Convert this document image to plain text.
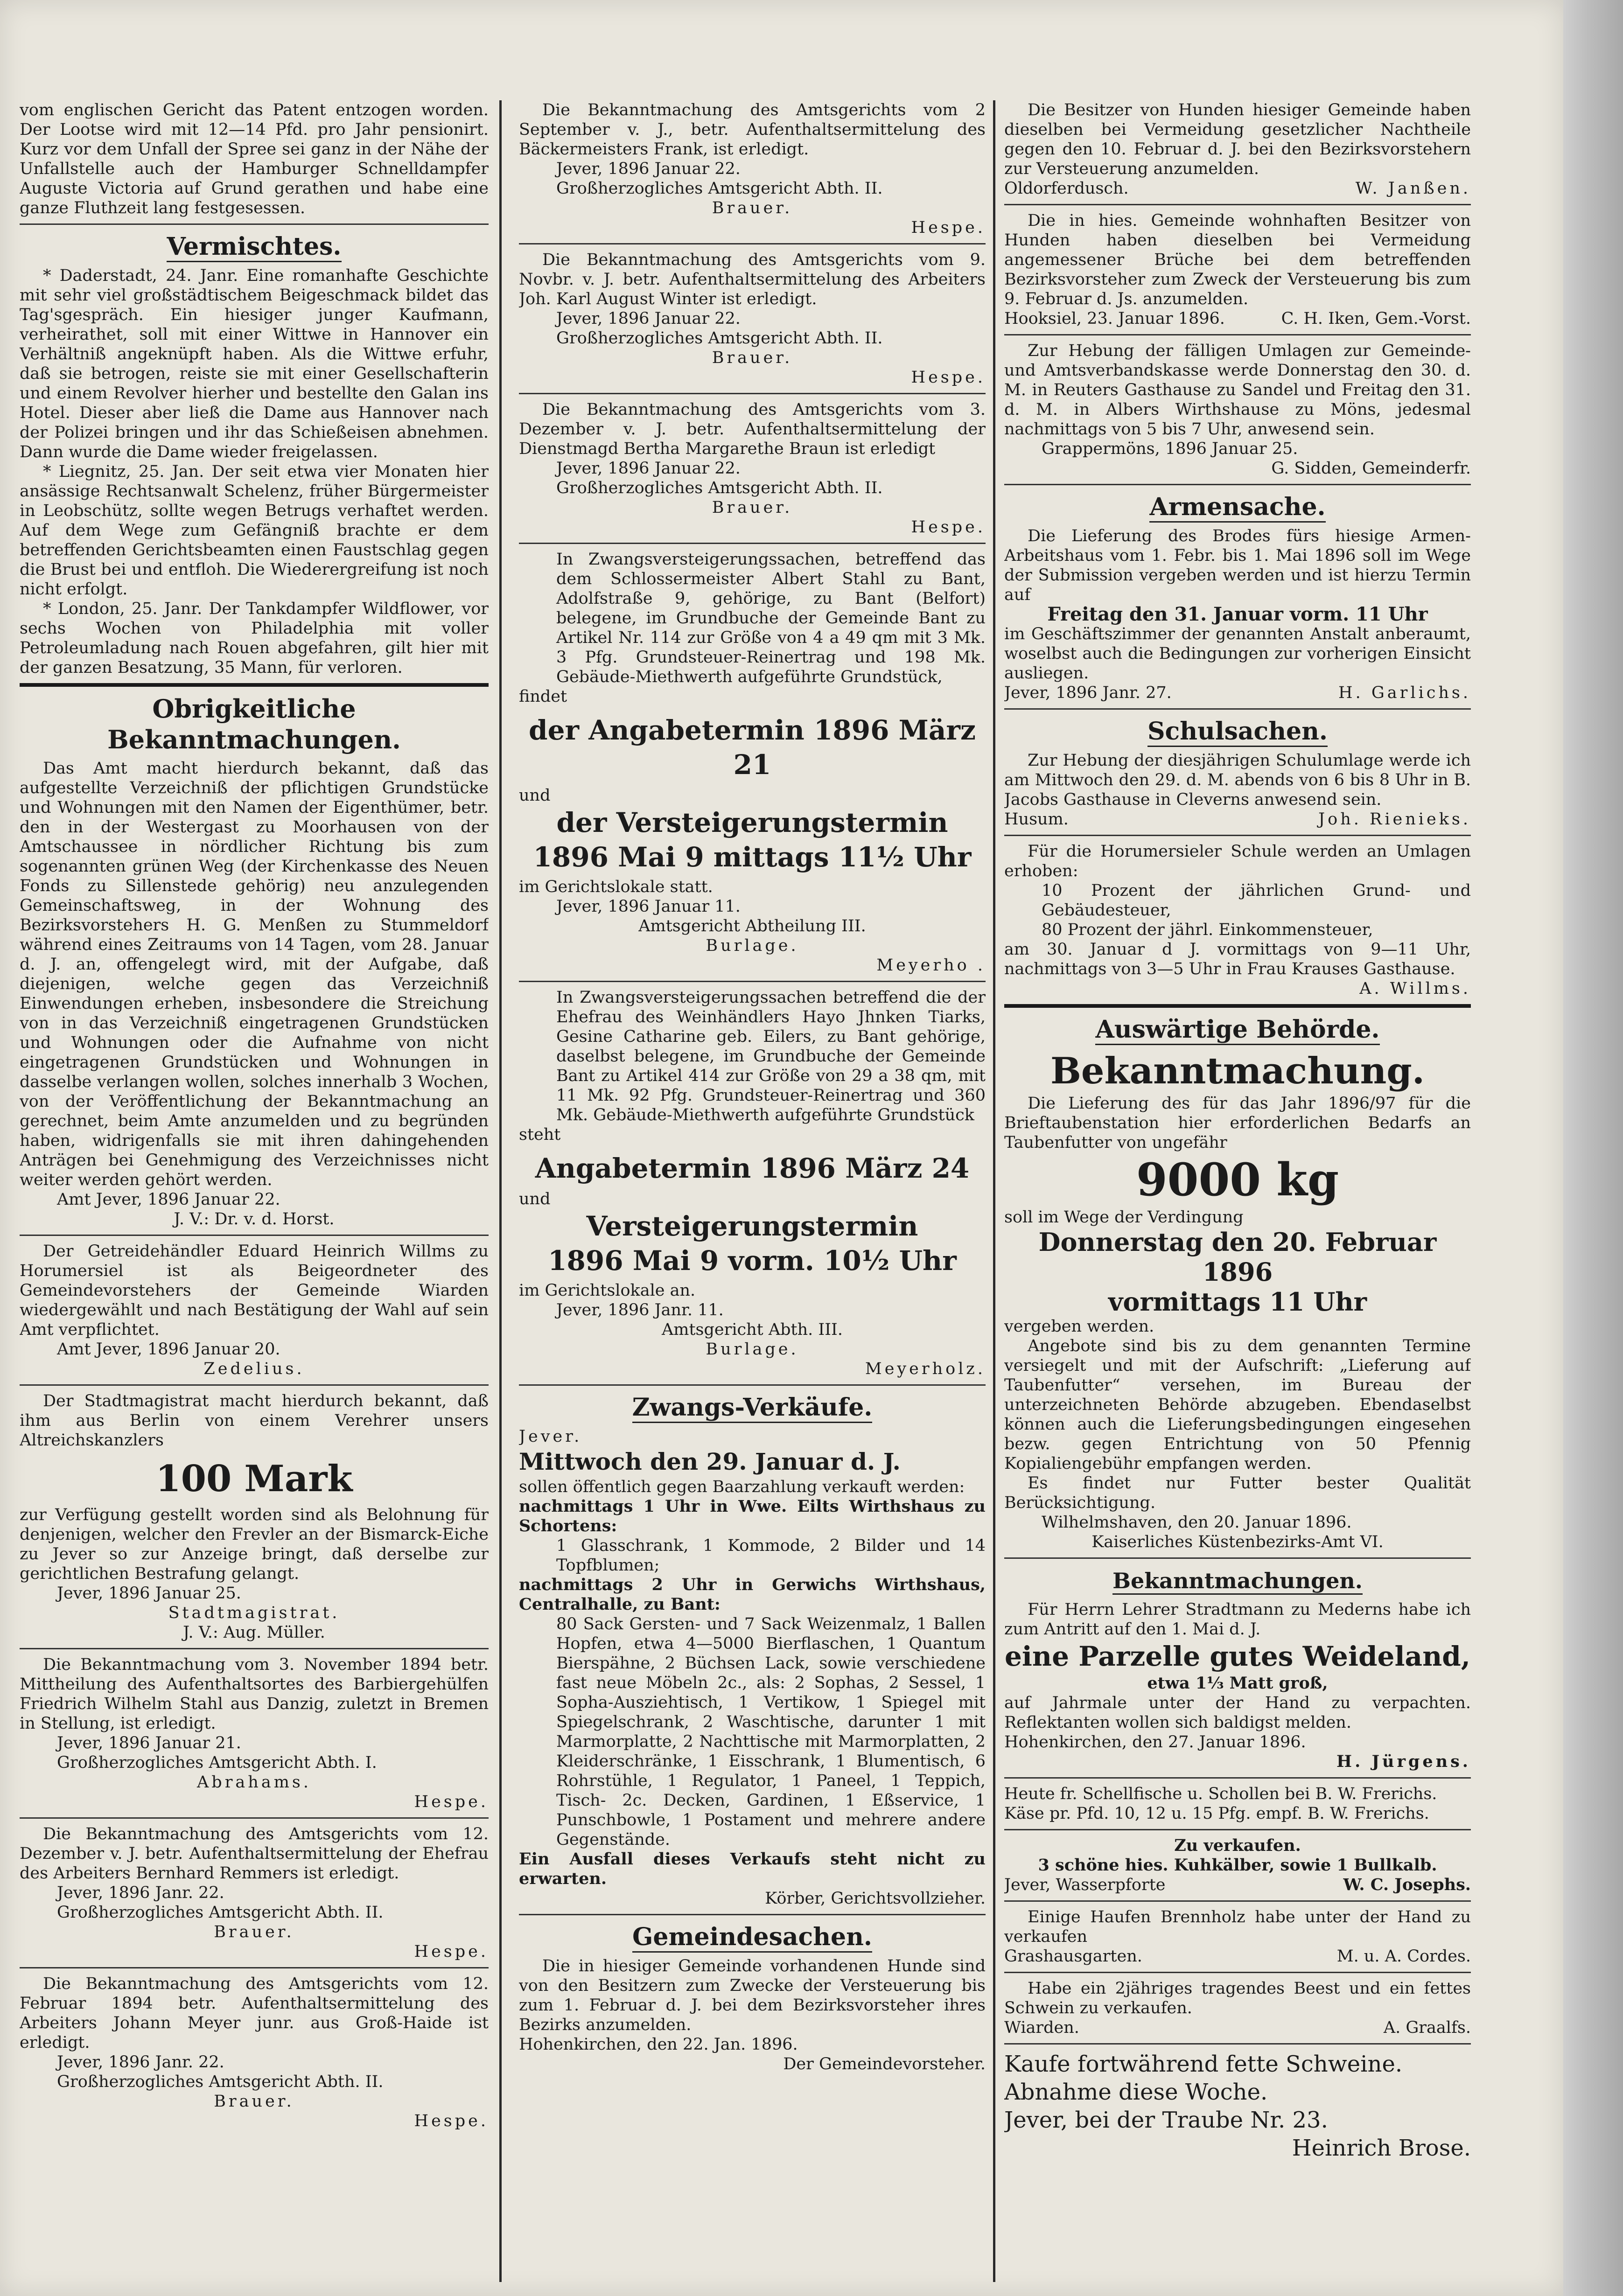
vom englischen Gericht das Patent entzogen worden. Der Lootse wird mit 12—14 Pfd. pro Jahr pensionirt. Kurz vor dem Unfall der Spree sei ganz in der Nähe der Unfallstelle auch der Hamburger Schnelldampfer Auguste Victoria auf Grund gerathen und habe eine ganze Fluthzeit lang festgesessen.

Vermischtes.

* Daderstadt, 24. Janr. Eine romanhafte Geschichte mit sehr viel großstädtischem Beigeschmack bildet das Tag'sgespräch. Ein hiesiger junger Kaufmann, verheirathet, soll mit einer Wittwe in Hannover ein Verhältniß angeknüpft haben. Als die Wittwe erfuhr, daß sie betrogen, reiste sie mit einer Gesellschafterin und einem Revolver hierher und bestellte den Galan ins Hotel. Dieser aber ließ die Dame aus Hannover nach der Polizei bringen und ihr das Schießeisen abnehmen. Dann wurde die Dame wieder freigelassen.

* Liegnitz, 25. Jan. Der seit etwa vier Monaten hier ansässige Rechtsanwalt Schelenz, früher Bürgermeister in Leobschütz, sollte wegen Betrugs verhaftet werden. Auf dem Wege zum Gefängniß brachte er dem betreffenden Gerichtsbeamten einen Faustschlag gegen die Brust bei und entfloh. Die Wiederergreifung ist noch nicht erfolgt.

* London, 25. Janr. Der Tankdampfer Wildflower, vor sechs Wochen von Philadelphia mit voller Petroleumladung nach Rouen abgefahren, gilt hier mit der ganzen Besatzung, 35 Mann, für verloren.

Obrigkeitliche Bekanntmachungen.

Das Amt macht hierdurch bekannt, daß das aufgestellte Verzeichniß der pflichtigen Grundstücke und Wohnungen mit den Namen der Eigenthümer, betr. den in der Westergast zu Moorhausen von der Amtschaussee in nördlicher Richtung bis zum sogenannten grünen Weg (der Kirchenkasse des Neuen Fonds zu Sillenstede gehörig) neu anzulegenden Gemeinschaftsweg, in der Wohnung des Bezirksvorstehers H. G. Menßen zu Stummeldorf während eines Zeitraums von 14 Tagen, vom 28. Januar d. J. an, offengelegt wird, mit der Aufgabe, daß diejenigen, welche gegen das Verzeichniß Einwendungen erheben, insbesondere die Streichung von in das Verzeichniß eingetragenen Grundstücken und Wohnungen oder die Aufnahme von nicht eingetragenen Grundstücken und Wohnungen in dasselbe verlangen wollen, solches innerhalb 3 Wochen, von der Veröffentlichung der Bekanntmachung an gerechnet, beim Amte anzumelden und zu begründen haben, widrigenfalls sie mit ihren dahingehenden Anträgen bei Genehmigung des Verzeichnisses nicht weiter werden gehört werden.

Amt Jever, 1896 Januar 22.

J. V.: Dr. v. d. Horst.

Der Getreidehändler Eduard Heinrich Willms zu Horumersiel ist als Beigeordneter des Gemeindevorstehers der Gemeinde Wiarden wiedergewählt und nach Bestätigung der Wahl auf sein Amt verpflichtet.

Amt Jever, 1896 Januar 20.

Zedelius.

Der Stadtmagistrat macht hierdurch bekannt, daß ihm aus Berlin von einem Verehrer unsers Altreichskanzlers

100 Mark

zur Verfügung gestellt worden sind als Belohnung für denjenigen, welcher den Frevler an der Bismarck-Eiche zu Jever so zur Anzeige bringt, daß derselbe zur gerichtlichen Bestrafung gelangt.

Jever, 1896 Januar 25.

Stadtmagistrat.

J. V.: Aug. Müller.

Die Bekanntmachung vom 3. November 1894 betr. Mittheilung des Aufenthaltsortes des Barbiergehülfen Friedrich Wilhelm Stahl aus Danzig, zuletzt in Bremen in Stellung, ist erledigt.

Jever, 1896 Januar 21.

Großherzogliches Amtsgericht Abth. I.

Abrahams.

Hespe.

Die Bekanntmachung des Amtsgerichts vom 12. Dezember v. J. betr. Aufenthaltsermittelung der Ehefrau des Arbeiters Bernhard Remmers ist erledigt.

Jever, 1896 Janr. 22.

Großherzogliches Amtsgericht Abth. II.

Brauer.

Hespe.

Die Bekanntmachung des Amtsgerichts vom 12. Februar 1894 betr. Aufenthaltsermittelung des Arbeiters Johann Meyer junr. aus Groß-Haide ist erledigt.

Jever, 1896 Janr. 22.

Großherzogliches Amtsgericht Abth. II.

Brauer.

Hespe.

Die Bekanntmachung des Amtsgerichts vom 2 September v. J., betr. Aufenthaltsermittelung des Bäckermeisters Frank, ist erledigt.

Jever, 1896 Januar 22.

Großherzogliches Amtsgericht Abth. II.

Brauer.

Hespe.

Die Bekanntmachung des Amtsgerichts vom 9. Novbr. v. J. betr. Aufenthaltsermittelung des Arbeiters Joh. Karl August Winter ist erledigt.

Jever, 1896 Januar 22.

Großherzogliches Amtsgericht Abth. II.

Brauer.

Hespe.

Die Bekanntmachung des Amtsgerichts vom 3. Dezember v. J. betr. Aufenthaltsermittelung der Dienstmagd Bertha Margarethe Braun ist erledigt

Jever, 1896 Januar 22.

Großherzogliches Amtsgericht Abth. II.

Brauer.

Hespe.

In Zwangsversteigerungssachen, betreffend das dem Schlossermeister Albert Stahl zu Bant, Adolfstraße 9, gehörige, zu Bant (Belfort) belegene, im Grundbuche der Gemeinde Bant zu Artikel Nr. 114 zur Größe von 4 a 49 qm mit 3 Mk. 3 Pfg. Grundsteuer-Reinertrag und 198 Mk. Gebäude-Miethwerth aufgeführte Grundstück,

findet

der Angabetermin 1896 März 21

und

der Versteigerungstermin
1896 Mai 9 mittags 11½ Uhr

im Gerichtslokale statt.

Jever, 1896 Januar 11.

Amtsgericht Abtheilung III.

Burlage.

Meyerho .

In Zwangsversteigerungssachen betreffend die der Ehefrau des Weinhändlers Hayo Jhnken Tiarks, Gesine Catharine geb. Eilers, zu Bant gehörige, daselbst belegene, im Grundbuche der Gemeinde Bant zu Artikel 414 zur Größe von 29 a 38 qm, mit 11 Mk. 92 Pfg. Grundsteuer-Reinertrag und 360 Mk. Gebäude-Miethwerth aufgeführte Grundstück

steht

Angabetermin 1896 März 24

und

Versteigerungstermin
1896 Mai 9 vorm. 10½ Uhr

im Gerichtslokale an.

Jever, 1896 Janr. 11.

Amtsgericht Abth. III.

Burlage.

Meyerholz.

Zwangs-Verkäufe.

Jever.

Mittwoch den 29. Januar d. J.

sollen öffentlich gegen Baarzahlung verkauft werden:

nachmittags 1 Uhr in Wwe. Eilts Wirthshaus zu Schortens:

1 Glasschrank, 1 Kommode, 2 Bilder und 14 Topfblumen;

nachmittags 2 Uhr in Gerwichs Wirthshaus, Centralhalle, zu Bant:

80 Sack Gersten- und 7 Sack Weizenmalz, 1 Ballen Hopfen, etwa 4—5000 Bierflaschen, 1 Quantum Bierspähne, 2 Büchsen Lack, sowie verschiedene fast neue Möbeln 2c., als: 2 Sophas, 2 Sessel, 1 Sopha-Ausziehtisch, 1 Vertikow, 1 Spiegel mit Spiegelschrank, 2 Waschtische, darunter 1 mit Marmorplatte, 2 Nachttische mit Marmorplatten, 2 Kleiderschränke, 1 Eisschrank, 1 Blumentisch, 6 Rohrstühle, 1 Regulator, 1 Paneel, 1 Teppich, Tisch- 2c. Decken, Gardinen, 1 Eßservice, 1 Punschbowle, 1 Postament und mehrere andere Gegenstände.

Ein Ausfall dieses Verkaufs steht nicht zu erwarten.

Körber, Gerichtsvollzieher.

Gemeindesachen.

Die in hiesiger Gemeinde vorhandenen Hunde sind von den Besitzern zum Zwecke der Versteuerung bis zum 1. Februar d. J. bei dem Bezirksvorsteher ihres Bezirks anzumelden.

Hohenkirchen, den 22. Jan. 1896.

Der Gemeindevorsteher.

Die Besitzer von Hunden hiesiger Gemeinde haben dieselben bei Vermeidung gesetzlicher Nachtheile gegen den 10. Februar d. J. bei den Bezirksvorstehern zur Versteuerung anzumelden.

Oldorferdusch.	W. Janßen.

Die in hies. Gemeinde wohnhaften Besitzer von Hunden haben dieselben bei Vermeidung angemessener Brüche bei dem betreffenden Bezirksvorsteher zum Zweck der Versteuerung bis zum 9. Februar d. Js. anzumelden.

Hooksiel, 23. Januar 1896.	C. H. Iken, Gem.-Vorst.

Zur Hebung der fälligen Umlagen zur Gemeinde- und Amtsverbandskasse werde Donnerstag den 30. d. M. in Reuters Gasthause zu Sandel und Freitag den 31. d. M. in Albers Wirthshause zu Möns, jedesmal nachmittags von 5 bis 7 Uhr, anwesend sein.

Grappermöns, 1896 Januar 25.

G. Sidden, Gemeinderfr.

Armensache.

Die Lieferung des Brodes fürs hiesige Armen-Arbeitshaus vom 1. Febr. bis 1. Mai 1896 soll im Wege der Submission vergeben werden und ist hierzu Termin auf

Freitag den 31. Januar vorm. 11 Uhr

im Geschäftszimmer der genannten Anstalt anberaumt, woselbst auch die Bedingungen zur vorherigen Einsicht ausliegen.

Jever, 1896 Janr. 27.	H. Garlichs.
Schulsachen.

Zur Hebung der diesjährigen Schulumlage werde ich am Mittwoch den 29. d. M. abends von 6 bis 8 Uhr in B. Jacobs Gasthause in Cleverns anwesend sein.

Husum.	Joh. Rienieks.

Für die Horumersieler Schule werden an Umlagen erhoben:

10 Prozent der jährlichen Grund- und Gebäudesteuer,

80 Prozent der jährl. Einkommensteuer,

am 30. Januar d J. vormittags von 9—11 Uhr, nachmittags von 3—5 Uhr in Frau Krauses Gasthause.

A. Willms.

Auswärtige Behörde.
Bekanntmachung.

Die Lieferung des für das Jahr 1896/97 für die Brieftaubenstation hier erforderlichen Bedarfs an Taubenfutter von ungefähr

9000 kg

soll im Wege der Verdingung

Donnerstag den 20. Februar 1896
vormittags 11 Uhr

vergeben werden.

Angebote sind bis zu dem genannten Termine versiegelt und mit der Aufschrift: „Lieferung auf Taubenfutter“ versehen, im Bureau der unterzeichneten Behörde abzugeben. Ebendaselbst können auch die Lieferungsbedingungen eingesehen bezw. gegen Entrichtung von 50 Pfennig Kopialiengebühr empfangen werden.

Es findet nur Futter bester Qualität Berücksichtigung.

Wilhelmshaven, den 20. Januar 1896.

Kaiserliches Küstenbezirks-Amt VI.

Bekanntmachungen.

Für Herrn Lehrer Stradtmann zu Mederns habe ich zum Antritt auf den 1. Mai d. J.

eine Parzelle gutes Weideland,

etwa 1⅓ Matt groß,

auf Jahrmale unter der Hand zu verpachten. Reflektanten wollen sich baldigst melden.

Hohenkirchen, den 27. Januar 1896.

H. Jürgens.

Heute fr. Schellfische u. Schollen bei B. W. Frerichs.

Käse pr. Pfd. 10, 12 u. 15 Pfg. empf. B. W. Frerichs.

Zu verkaufen.

3 schöne hies. Kuhkälber, sowie 1 Bullkalb.

Jever, Wasserpforte	W. C. Josephs.

Einige Haufen Brennholz habe unter der Hand zu verkaufen

Grashausgarten.	M. u. A. Cordes.

Habe ein 2jähriges tragendes Beest und ein fettes Schwein zu verkaufen.

Wiarden.	A. Graalfs.

Kaufe fortwährend fette Schweine.

Abnahme diese Woche.

Jever, bei der Traube Nr. 23.

Heinrich Brose.
